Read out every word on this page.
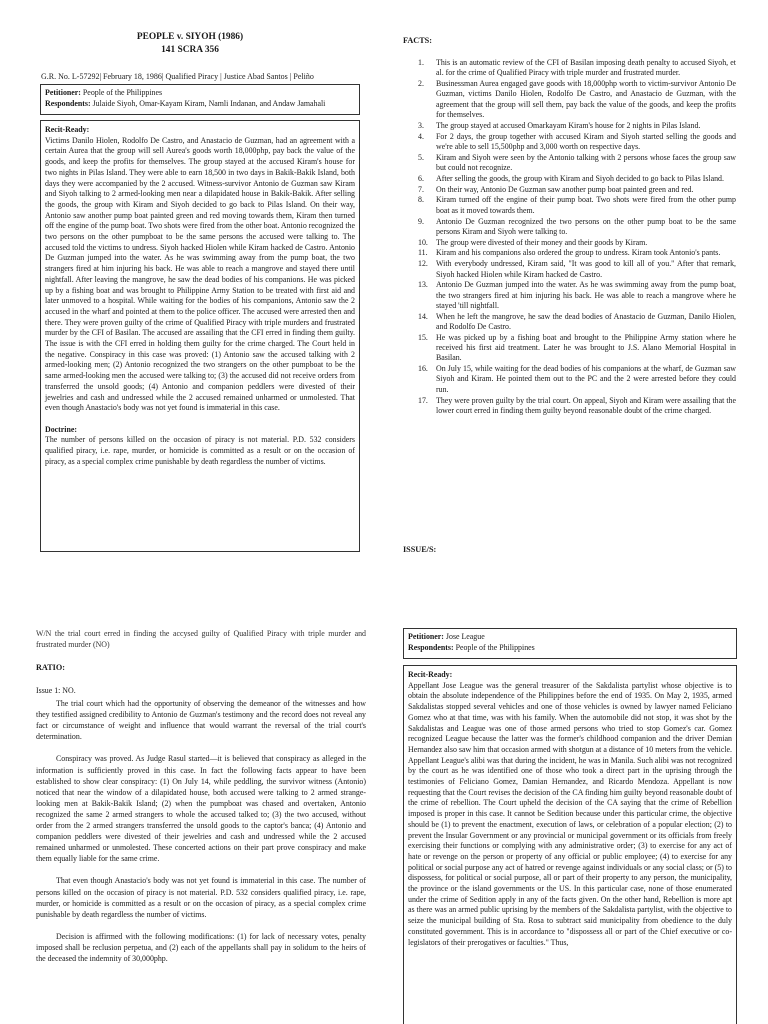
PEOPLE v. SIYOH (1986)
141 SCRA 356
G.R. No. L-57292| February 18, 1986| Qualified Piracy | Justice Abad Santos | Peliño

Petitioner: People of the Philippines

Respondents: Julaide Siyoh, Omar-Kayam Kiram, Namli Indanan, and Andaw Jamahali

Recit-Ready:

Victims Danilo Hiolen, Rodolfo De Castro, and Anastacio de Guzman, had an agreement with a certain Aurea that the group will sell Aurea's goods worth 18,000php, pay back the value of the goods, and keep the profits for themselves. The group stayed at the accused Kiram's house for two nights in Pilas Island. They were able to earn 18,500 in two days in Bakik-Bakik Island, both days they were accompanied by the 2 accused. Witness-survivor Antonio de Guzman saw Kiram and Siyoh talking to 2 armed-looking men near a dilapidated house in Bakik-Bakik. After selling the goods, the group with Kiram and Siyoh decided to go back to Pilas Island. On their way, Antonio saw another pump boat painted green and red moving towards them, Kiram then turned off the engine of the pump boat. Two shots were fired from the other boat. Antonio recognized the two persons on the other pumpboat to be the same persons the accused were talking to. The accused told the victims to undress. Siyoh hacked Hiolen while Kiram hacked de Castro. Antonio De Guzman jumped into the water. As he was swimming away from the pump boat, the two strangers fired at him injuring his back. He was able to reach a mangrove and stayed there until nightfall. After leaving the mangrove, he saw the dead bodies of his companions. He was picked up by a fishing boat and was brought to Philippine Army Station to be treated with first aid and later unmoved to a hospital. While waiting for the bodies of his companions, Antonio saw the 2 accused in the wharf and pointed at them to the police officer. The accused were arrested then and there. They were proven guilty of the crime of Qualified Piracy with triple murders and frustrated murder by the CFI of Basilan. The accused are assailing that the CFI erred in finding them guilty. The issue is with the CFI erred in holding them guilty for the crime charged. The Court held in the negative. Conspiracy in this case was proved: (1) Antonio saw the accused talking with 2 armed-looking men; (2) Antonio recognized the two strangers on the other pumpboat to be the same armed-looking men the accused were talking to; (3) the accused did not receive orders from transferred the unsold goods; (4) Antonio and companion peddlers were divested of their jewelries and cash and undressed while the 2 accused remained unharmed or unmolested. That even though Anastacio's body was not yet found is immaterial in this case.

Doctrine:

The number of persons killed on the occasion of piracy is not material. P.D. 532 considers qualified piracy, i.e. rape, murder, or homicide is committed as a result or on the occasion of piracy, as a special complex crime punishable by death regardless the number of victims.

FACTS:
1.	This is an automatic review of the CFI of Basilan imposing death penalty to accused Siyoh, et al. for the crime of Qualified Piracy with triple murder and frustrated murder.
2.	Businessman Aurea engaged gave goods with 18,000php worth to victim-survivor Antonio De Guzman, victims Danilo Hiolen, Rodolfo De Castro, and Anastacio de Guzman, with the agreement that the group will sell them, pay back the value of the goods, and keep the profits for themselves.
3.	The group stayed at accused Omarkayam Kiram's house for 2 nights in Pilas Island.
4.	For 2 days, the group together with accused Kiram and Siyoh started selling the goods and we're able to sell 15,500php and 3,000 worth on respective days.
5.	Kiram and Siyoh were seen by the Antonio talking with 2 persons whose faces the group saw but could not recognize.
6.	After selling the goods, the group with Kiram and Siyoh decided to go back to Pilas Island.
7.	On their way, Antonio De Guzman saw another pump boat painted green and red.
8.	Kiram turned off the engine of their pump boat. Two shots were fired from the other pump boat as it moved towards them.
9.	Antonio De Guzman recognized the two persons on the other pump boat to be the same persons Kiram and Siyoh were talking to.
10.	The group were divested of their money and their goods by Kiram.
11.	Kiram and his companions also ordered the group to undress. Kiram took Antonio's pants.
12.	With everybody undressed, Kiram said, "It was good to kill all of you." After that remark, Siyoh hacked Hiolen while Kiram hacked de Castro.
13.	Antonio De Guzman jumped into the water. As he was swimming away from the pump boat, the two strangers fired at him injuring his back. He was able to reach a mangrove where he stayed 'till nightfall.
14.	When he left the mangrove, he saw the dead bodies of Anastacio de Guzman, Danilo Hiolen, and Rodolfo De Castro.
15.	He was picked up by a fishing boat and brought to the Philippine Army station where he received his first aid treatment. Later he was brought to J.S. Alano Memorial Hospital in Basilan.
16.	On July 15, while waiting for the dead bodies of his companions at the wharf, de Guzman saw Siyoh and Kiram. He pointed them out to the PC and the 2 were arrested before they could run.
17.	They were proven guilty by the trial court. On appeal, Siyoh and Kiram were assailing that the lower court erred in finding them guilty beyond reasonable doubt of the crime charged.
ISSUE/S:
W/N the trial court erred in finding the accysed guilty of Qualified Piracy with triple murder and frustrated murder (NO)
RATIO:

Issue 1: NO.

The trial court which had the opportunity of observing the demeanor of the witnesses and how they testified assigned credibility to Antonio de Guzman's testimony and the record does not reveal any fact or circumstance of weight and influence that would warrant the reversal of the trial court's determination.

Conspiracy was proved. As Judge Rasul started—it is believed that conspiracy as alleged in the information is sufficiently proved in this case. In fact the following facts appear to have been established to show clear conspiracy: (1) On July 14, while peddling, the survivor witness (Antonio) noticed that near the window of a dilapidated house, both accused were talking to 2 armed strange-looking men at Bakik-Bakik Island; (2) when the pumpboat was chased and overtaken, Antonio recognized the same 2 armed strangers to whole the accused talked to; (3) the two accused, without order from the 2 armed strangers transferred the unsold goods to the captor's banca; (4) Antonio and companion peddlers were divested of their jewelries and cash and undressed while the 2 accused remained unharmed or unmolested. These concerted actions on their part prove conspiracy and make them equally liable for the same crime.

That even though Anastacio's body was not yet found is immaterial in this case. The number of persons killed on the occasion of piracy is not material. P.D. 532 considers qualified piracy, i.e. rape, murder, or homicide is committed as a result or on the occasion of piracy, as a special complex crime punishable by death regardless the number of victims.

Decision is affirmed with the following modifications: (1) for lack of necessary votes, penalty imposed shall be reclusion perpetua, and (2) each of the appellants shall pay in solidum to the heirs of the deceased the indemnity of 30,000php.

Petitioner: Jose League

Respondents: People of the Philippines

Recit-Ready:

Appellant Jose League was the general treasurer of the Sakdalista partylist whose objective is to obtain the absolute independence of the Philippines before the end of 1935. On May 2, 1935, armed Sakdalistas stopped several vehicles and one of those vehicles is owned by lawyer named Feliciano Gomez who at that time, was with his family. When the automobile did not stop, it was shot by the Sakdalistas and League was one of those armed persons who tried to stop Gomez's car. Gomez recognized League because the latter was the former's childhood companion and the driver Demian Hernandez also saw him that occasion armed with shotgun at a distance of 10 meters from the vehicle. Appellant League's alibi was that during the incident, he was in Manila. Such alibi was not recognized by the court as he was identified one of those who took a direct part in the uprising through the testimonies of Feliciano Gomez, Damian Hernandez, and Ricardo Mendoza. Appellant is now requesting that the Court revises the decision of the CA finding him guilty beyond reasonable doubt of the crime of rebellion. The Court upheld the decision of the CA saying that the crime of Rebellion imposed is proper in this case. It cannot be Sedition because under this particular crime, the objective should be (1) to prevent the enactment, execution of laws, or celebration of a popular election; (2) to prevent the Insular Government or any provincial or municipal government or its officials from freely exercising their functions or complying with any administrative order; (3) to exercise for any act of hate or revenge on the person or property of any official or public employee; (4) to exercise for any political or social purpose any act of hatred or revenge against individuals or any social class; or (5) to dispossess, for political or social purpose, all or part of their property to any person, the municipality, the province or the island governments or the US. In this particular case, none of those enumerated under the crime of Sedition apply in any of the facts given. On the other hand, Rebellion is more apt as there was an armed public uprising by the members of the Sakdalista partylist, with the objective to seize the municipal building of Sta. Rosa to subtract said municipality from obedience to the duly constituted government. This is in accordance to "dispossess all or part of the Chief executive or co-legislators of their prerogatives or faculties." Thus,
